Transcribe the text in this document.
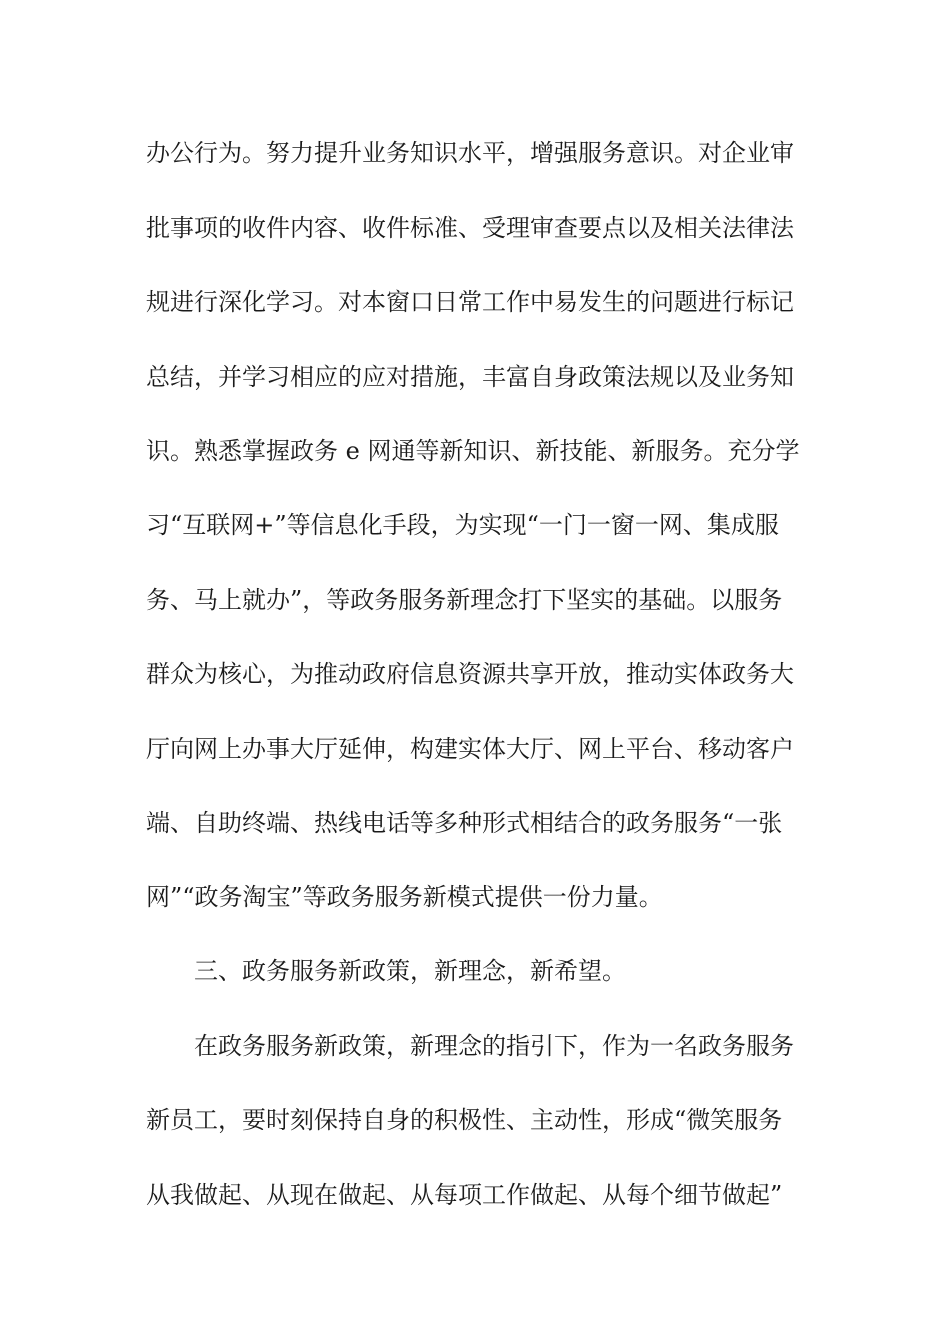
办公行为。努力提升业务知识水平，增强服务意识。对企业审
批事项的收件内容、收件标准、受理审查要点以及相关法律法
规进行深化学习。对本窗口日常工作中易发生的问题进行标记
总结，并学习相应的应对措施，丰富自身政策法规以及业务知
识。熟悉掌握政务 e 网通等新知识、新技能、新服务。充分学
习“互联网+”等信息化手段，为实现“一门一窗一网、集成服
务、马上就办”，等政务服务新理念打下坚实的基础。以服务
群众为核心，为推动政府信息资源共享开放，推动实体政务大
厅向网上办事大厅延伸，构建实体大厅、网上平台、移动客户
端、自助终端、热线电话等多种形式相结合的政务服务“一张
网”“政务淘宝”等政务服务新模式提供一份力量。
三、政务服务新政策，新理念，新希望。
在政务服务新政策，新理念的指引下，作为一名政务服务
新员工，要时刻保持自身的积极性、主动性，形成“微笑服务
从我做起、从现在做起、从每项工作做起、从每个细节做起”
